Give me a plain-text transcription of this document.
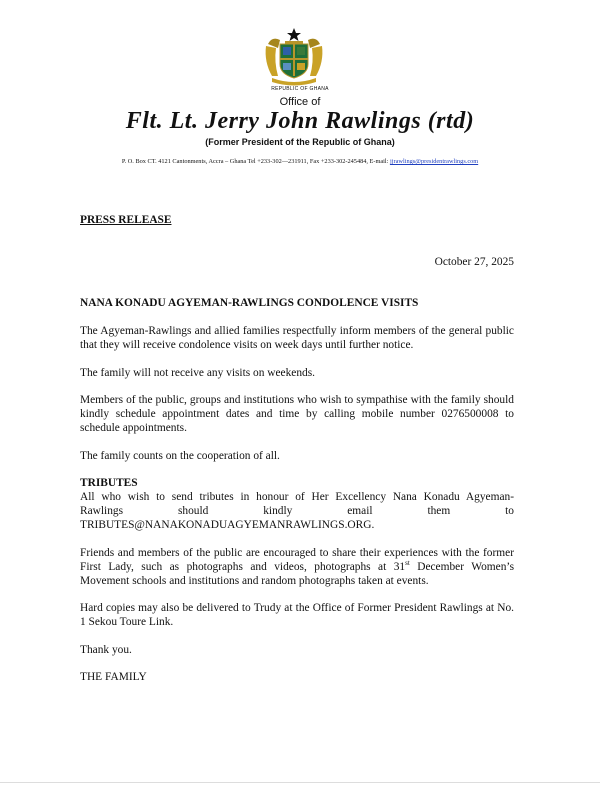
REPUBLIC OF GHANA
Office of
Flt. Lt. Jerry John Rawlings (rtd)
(Former President of the Republic of Ghana)
P. O. Box CT. 4121 Cantonments, Accra – Ghana Tel +233-302—231911, Fax +233-302-245484, E-mail: jjrawlings@presidentrawlings.com
PRESS RELEASE
October 27, 2025
NANA KONADU AGYEMAN-RAWLINGS CONDOLENCE VISITS
The Agyeman-Rawlings and allied families respectfully inform members of the general public that they will receive condolence visits on week days until further notice.
The family will not receive any visits on weekends.
Members of the public, groups and institutions who wish to sympathise with the family should kindly schedule appointment dates and time by calling mobile number 0276500008 to schedule appointments.
The family counts on the cooperation of all.
TRIBUTES
All who wish to send tributes in honour of Her Excellency Nana Konadu Agyeman-
Rawlings should kindly email them to
TRIBUTES@NANAKONADUAGYEMANRAWLINGS.ORG.
Friends and members of the public are encouraged to share their experiences with the former First Lady, such as photographs and videos, photographs at 31st December Women’s Movement schools and institutions and random photographs taken at events.
Hard copies may also be delivered to Trudy at the Office of Former President Rawlings at No. 1 Sekou Toure Link.
Thank you.
THE FAMILY
